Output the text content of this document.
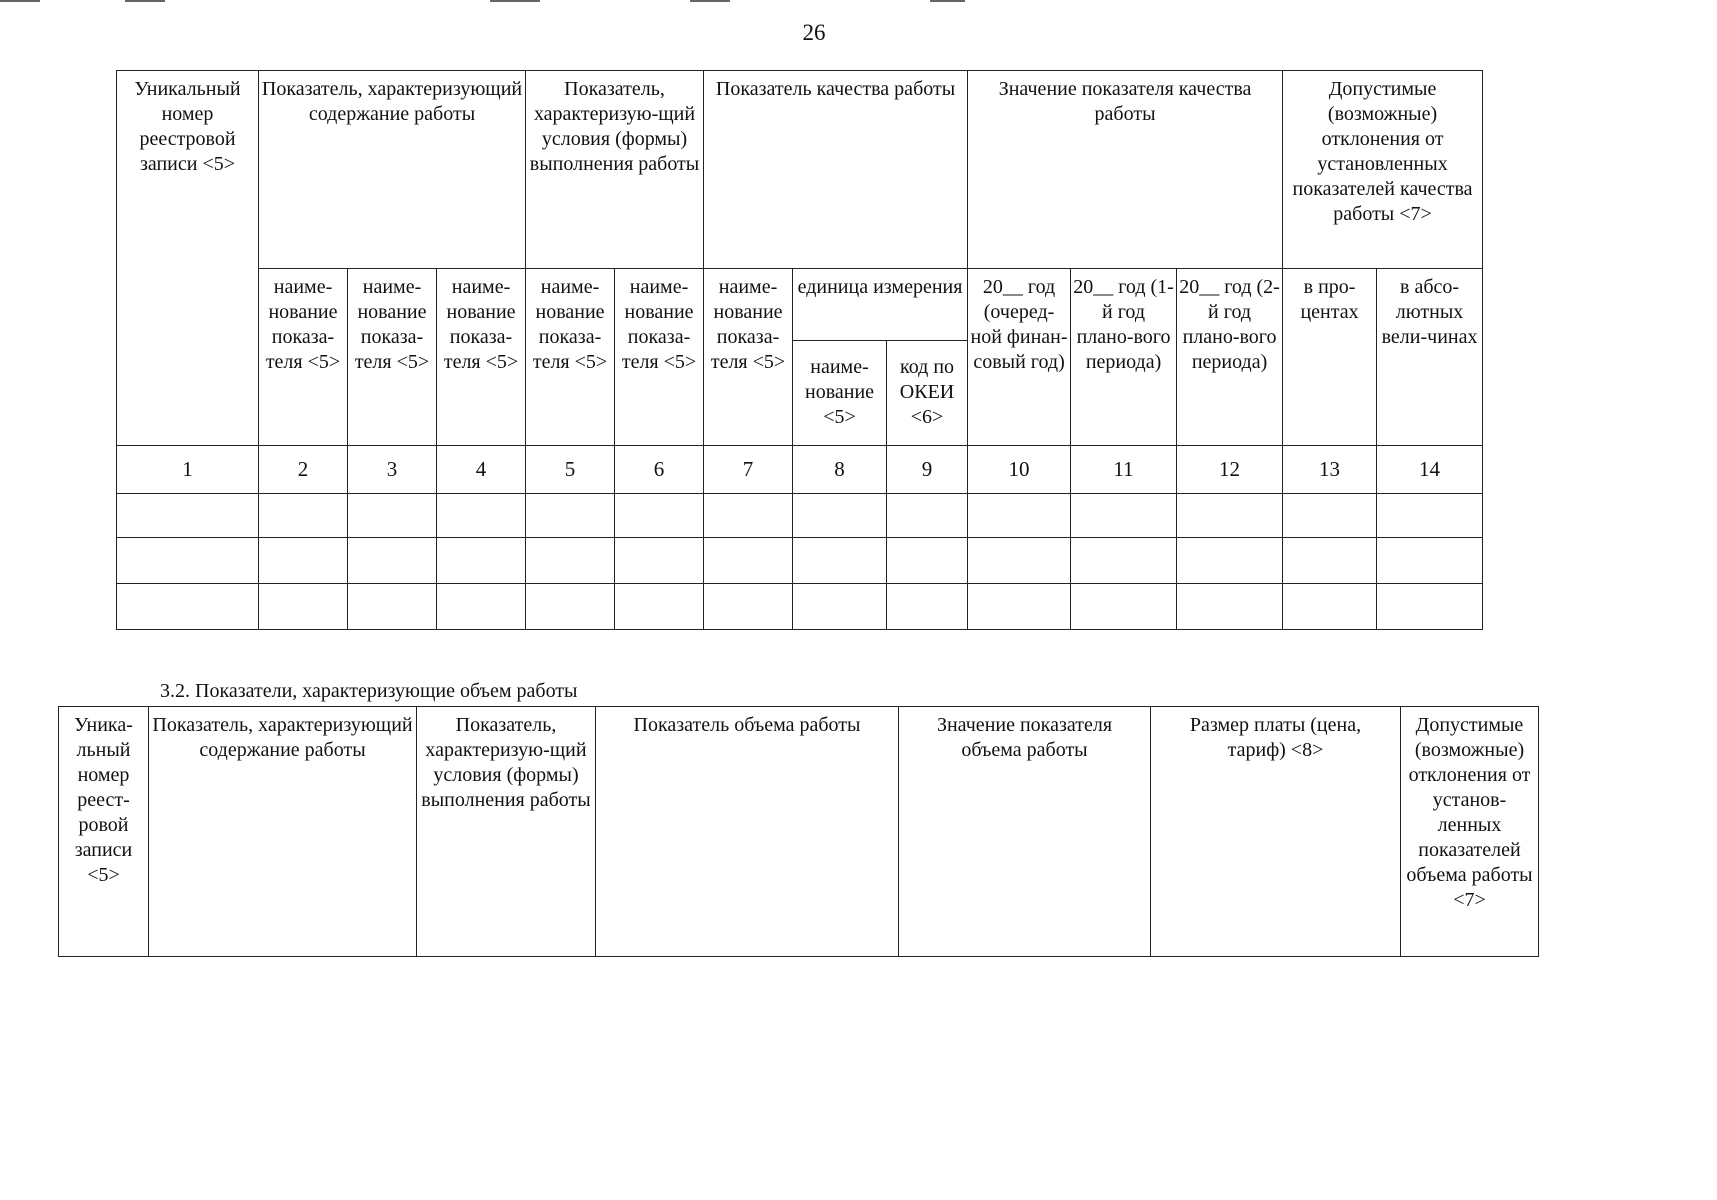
26
Уникальный номер реестровой записи <5>	Показатель, характеризующий содержание работы			Показатель, характеризую-щий условия (формы) выполнения работы		Показатель качества работы			Значение показателя качества работы			Допустимые (возможные) отклонения от установленных показателей качества работы <7>	
	наиме-нование показа-теля <5>	наиме-нование показа-теля <5>	наиме-нование показа-теля <5>	наиме-нование показа-теля <5>	наиме-нование показа-теля <5>	наиме-нование показа-теля <5>	единица измерения		20__ год (очеред-ной финан-совый год)	20__ год (1-й год плано-вого периода)	20__ год (2-й год плано-вого периода)	в про-центах	в абсо-лютных вели-чинах
							наиме-нование <5>	код по ОКЕИ <6>					
1	2	3	4	5	6	7	8	9	10	11	12	13	14

3.2. Показатели, характеризующие объем работы
Уника-льный номер реест-ровой записи <5>	Показатель, характеризующий содержание работы	Показатель, характеризую-щий условия (формы) выполнения работы	Показатель объема работы	Значение показателя объема работы	Размер платы (цена, тариф) <8>	Допустимые (возможные) отклонения от установ-ленных показателей объема работы <7>
